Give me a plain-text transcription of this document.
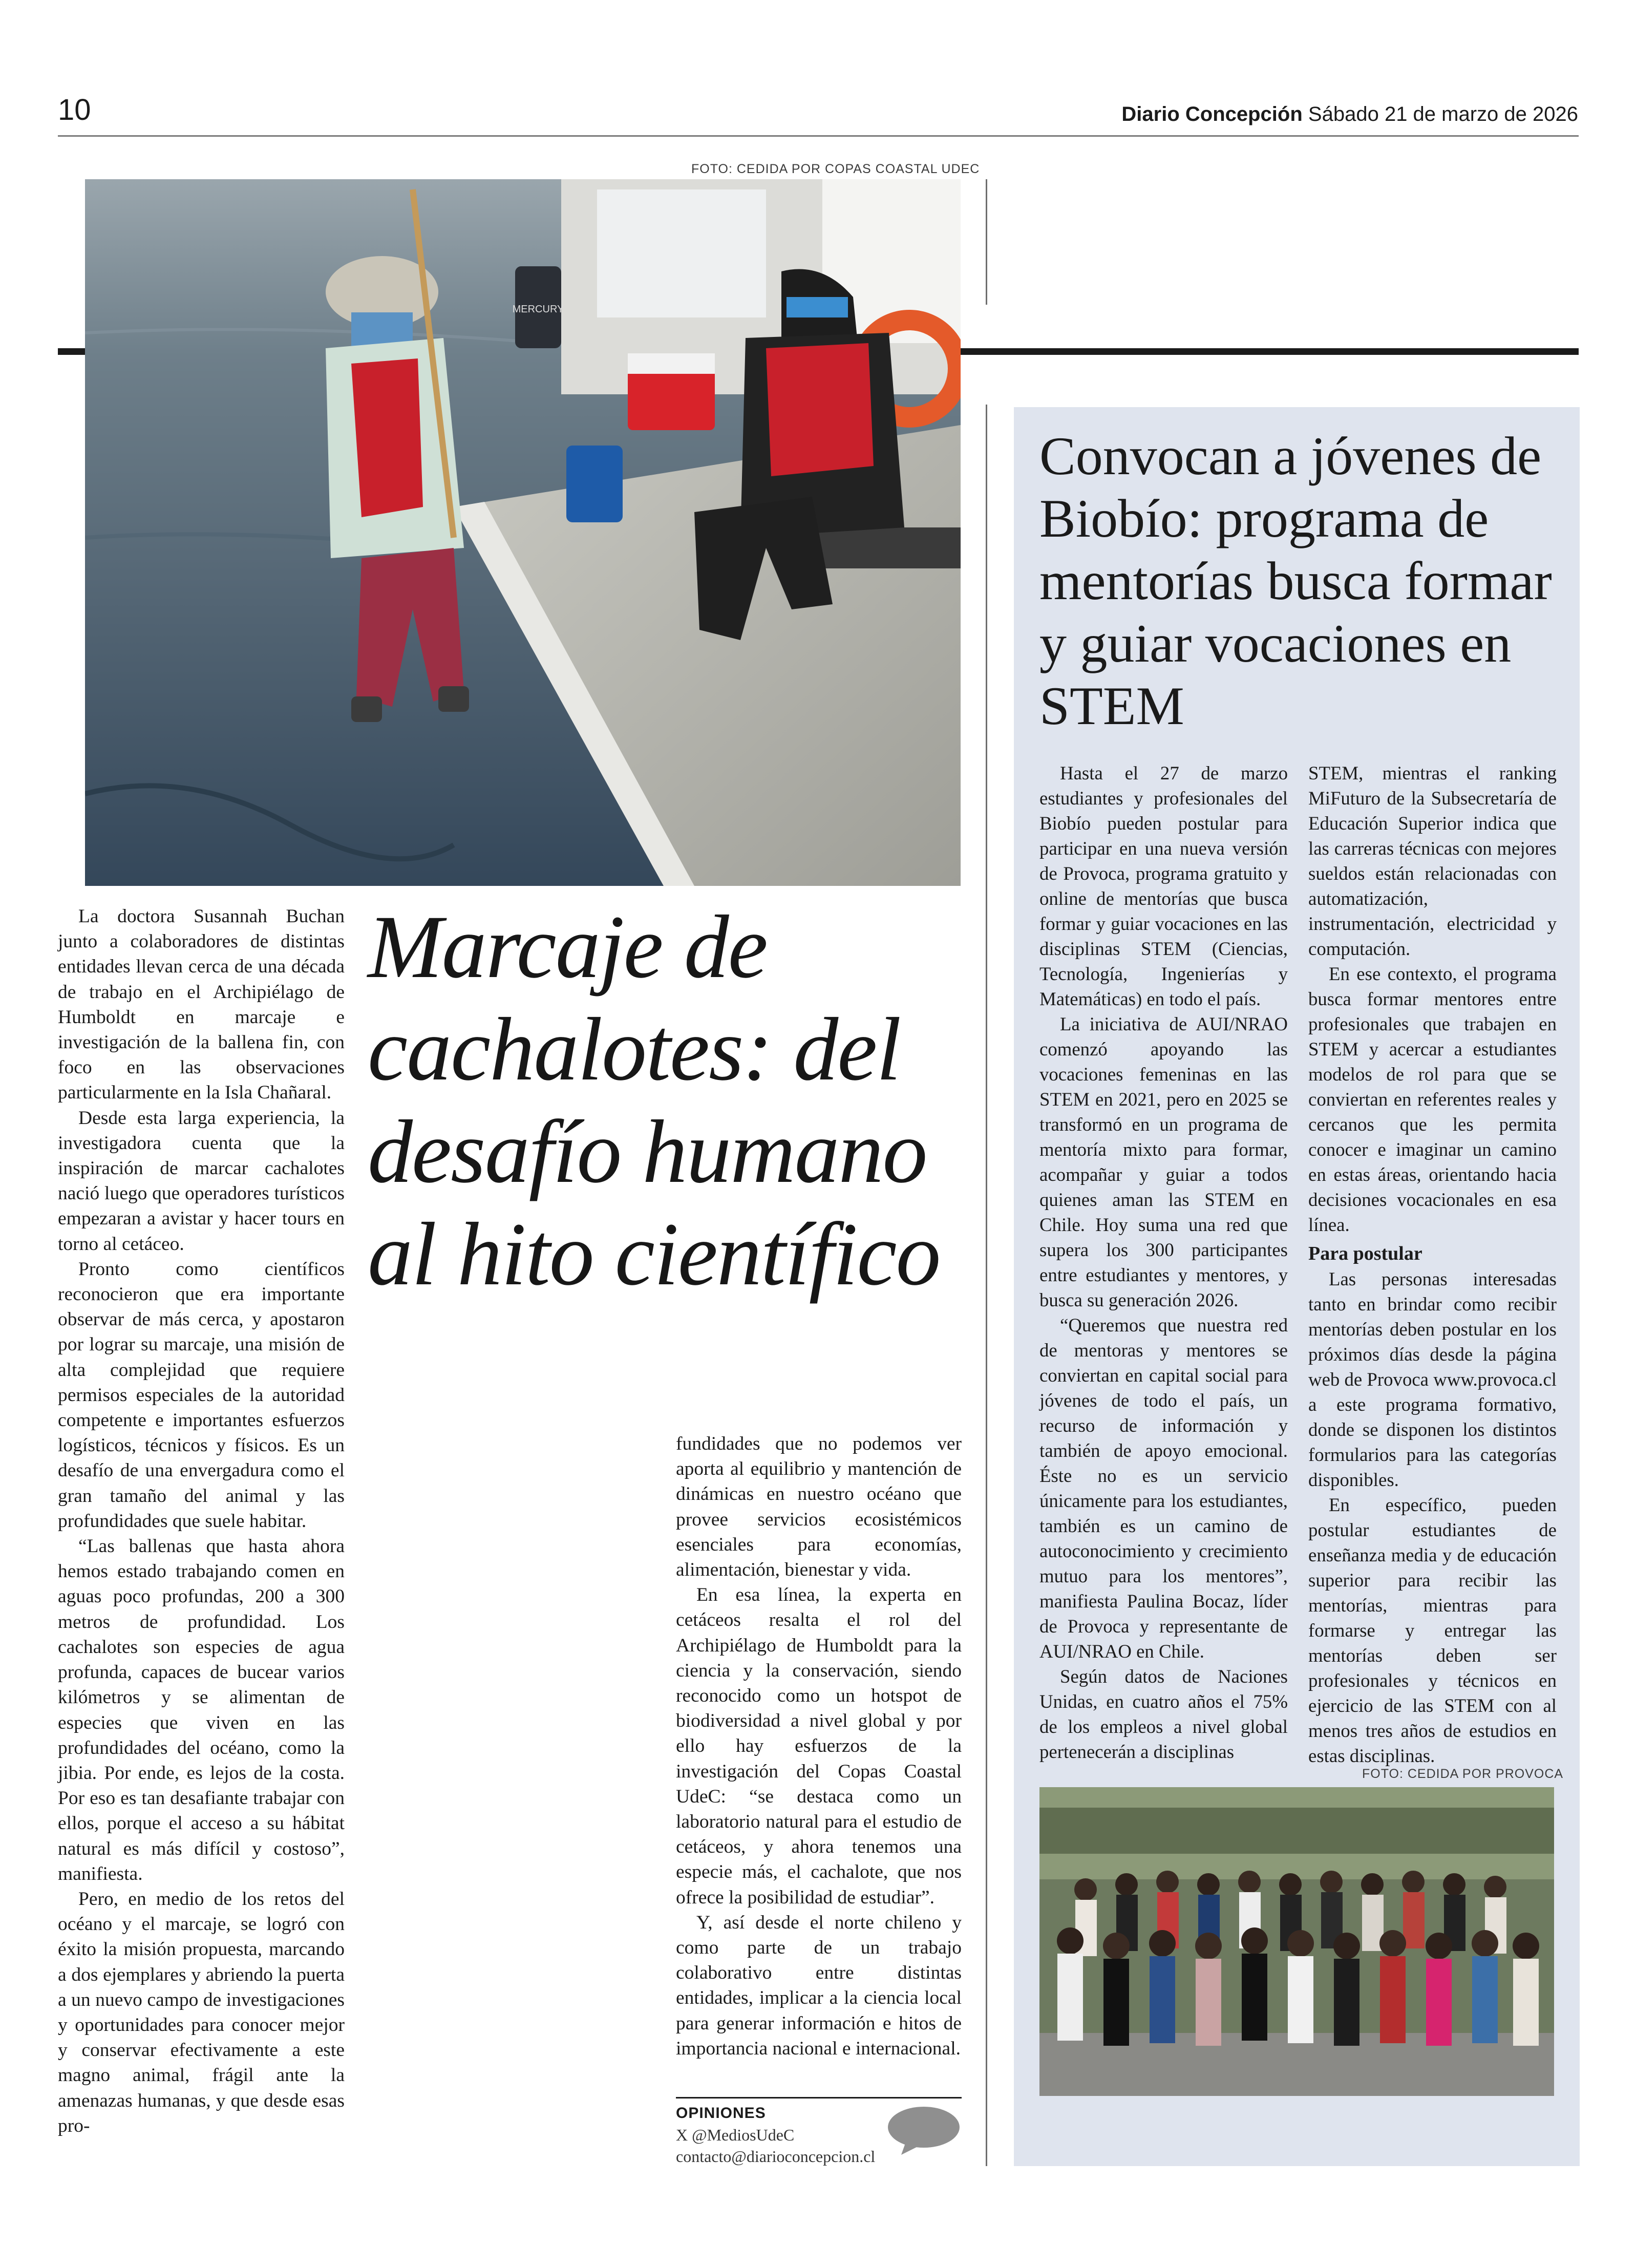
10	Diario Concepción Sábado 21 de marzo de 2026
FOTO: CEDIDA POR COPAS COASTAL UDEC
MERCURY
Marcaje de cachalotes: del desafío humano al hito científico

La doctora Susannah Buchan junto a colaboradores de distintas entidades llevan cerca de una década de trabajo en el Archipiélago de Humboldt en marcaje e investigación de la ballena fin, con foco en las observaciones particularmente en la Isla Chañaral.

Desde esta larga experiencia, la investigadora cuenta que la inspiración de marcar cachalotes nació luego que operadores turísticos empezaran a avistar y hacer tours en torno al cetáceo.

Pronto como científicos reconocieron que era importante observar de más cerca, y apostaron por lograr su marcaje, una misión de alta complejidad que requiere permisos especiales de la autoridad competente e importantes esfuerzos logísticos, técnicos y físicos. Es un desafío de una envergadura como el gran tamaño del animal y las profundidades que suele habitar.

“Las ballenas que hasta ahora hemos estado trabajando comen en aguas poco profundas, 200 a 300 metros de profundidad. Los cachalotes son especies de agua profunda, capaces de bucear varios kilómetros y se alimentan de especies que viven en las profundidades del océano, como la jibia. Por ende, es lejos de la costa. Por eso es tan desafiante trabajar con ellos, porque el acceso a su hábitat natural es más difícil y costoso”, manifiesta.

Pero, en medio de los retos del océano y el marcaje, se logró con éxito la misión propuesta, marcando a dos ejemplares y abriendo la puerta a un nuevo campo de investigaciones y oportunidades para conocer mejor y conservar efectivamente a este magno animal, frágil ante la amenazas humanas, y que desde esas pro-

fundidades que no podemos ver aporta al equilibrio y mantención de dinámicas en nuestro océano que provee servicios ecosistémicos esenciales para economías, alimentación, bienestar y vida.

En esa línea, la experta en cetáceos resalta el rol del Archipiélago de Humboldt para la ciencia y la conservación, siendo reconocido como un hotspot de biodiversidad a nivel global y por ello hay esfuerzos de la investigación del Copas Coastal UdeC: “se destaca como un laboratorio natural para el estudio de cetáceos, y ahora tenemos una especie más, el cachalote, que nos ofrece la posibilidad de estudiar”.

Y, así desde el norte chileno y como parte de un trabajo colaborativo entre distintas entidades, implicar a la ciencia local para generar información e hitos de importancia nacional e internacional.

OPINIONES
X @MediosUdeC
contacto@diarioconcepcion.cl
Convocan a jóvenes de Biobío: programa de mentorías busca formar y guiar vocaciones en STEM

Hasta el 27 de marzo estudiantes y profesionales del Biobío pueden postular para participar en una nueva versión de Provoca, programa gratuito y online de mentorías que busca formar y guiar vocaciones en las disciplinas STEM (Ciencias, Tecnología, Ingenierías y Matemáticas) en todo el país.

La iniciativa de AUI/NRAO comenzó apoyando las vocaciones femeninas en las STEM en 2021, pero en 2025 se transformó en un programa de mentoría mixto para formar, acompañar y guiar a todos quienes aman las STEM en Chile. Hoy suma una red que supera los 300 participantes entre estudiantes y mentores, y busca su generación 2026.

“Queremos que nuestra red de mentoras y mentores se conviertan en capital social para jóvenes de todo el país, un recurso de información y también de apoyo emocional. Éste no es un servicio únicamente para los estudiantes, también es un camino de autoconocimiento y crecimiento mutuo para los mentores”, manifiesta Paulina Bocaz, líder de Provoca y representante de AUI/NRAO en Chile.

Según datos de Naciones Unidas, en cuatro años el 75% de los empleos a nivel global pertenecerán a disciplinas

STEM, mientras el ranking MiFuturo de la Subsecretaría de Educación Superior indica que las carreras técnicas con mejores sueldos están relacionadas con automatización, instrumentación, electricidad y computación.

En ese contexto, el programa busca formar mentores entre profesionales que trabajen en STEM y acercar a estudiantes modelos de rol para que se conviertan en referentes reales y cercanos que les permita conocer e imaginar un camino en estas áreas, orientando hacia decisiones vocacionales en esa línea.

Para postular

Las personas interesadas tanto en brindar como recibir mentorías deben postular en los próximos días desde la página web de Provoca www.provoca.cl a este programa formativo, donde se disponen los distintos formularios para las categorías disponibles.

En específico, pueden postular estudiantes de enseñanza media y de educación superior para recibir las mentorías, mientras para formarse y entregar las mentorías deben ser profesionales y técnicos en ejercicio de las STEM con al menos tres años de estudios en estas disciplinas.

FOTO: CEDIDA POR PROVOCA
